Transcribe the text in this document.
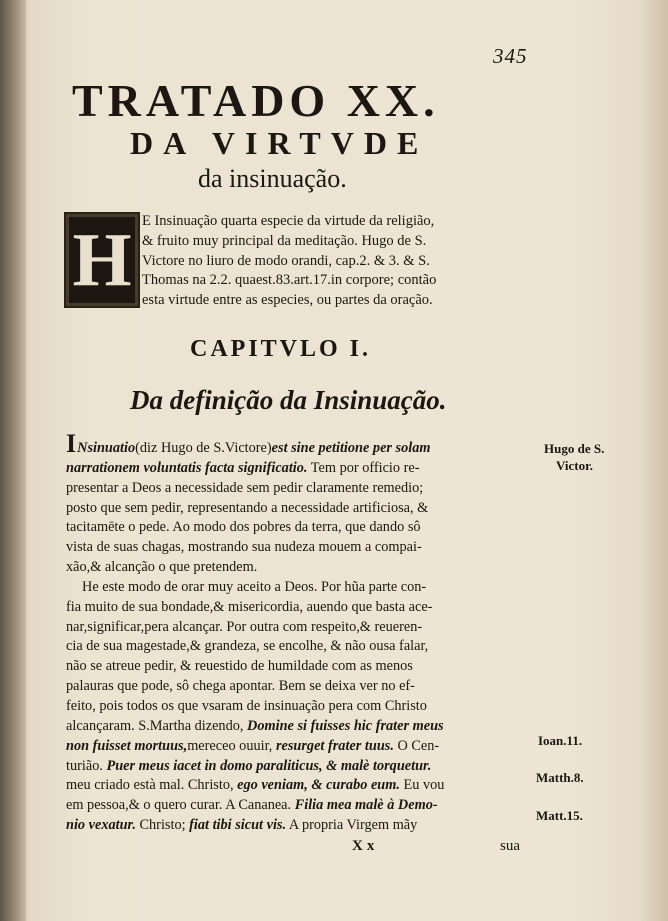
345
TRATADO XX.
DA VIRTVDE
da insinuação.
H E Insinuação quarta especie da virtude da religião,
& fruito muy principal da meditação. Hugo de S.
Victore no liuro de modo orandi, cap.2. & 3. & S.
Thomas na 2.2. quaest.83.art.17.in corpore; contão
esta virtude entre as especies, ou partes da oração.
CAPITVLO I.
Da definição da Insinuação.
INsinuatio(diz Hugo de S.Victore)est sine petitione per solam
narrationem voluntatis facta significatio. Tem por officio re-
presentar a Deos a necessidade sem pedir claramente remedio;
posto que sem pedir, representando a necessidade artificiosa, &
tacitamēte o pede. Ao modo dos pobres da terra, que dando sô
vista de suas chagas, mostrando sua nudeza mouem a compai-
xão,& alcanção o que pretendem.
He este modo de orar muy aceito a Deos. Por hũa parte con-
fia muito de sua bondade,& misericordia, auendo que basta ace-
nar,significar,pera alcançar. Por outra com respeito,& reueren-
cia de sua magestade,& grandeza, se encolhe, & não ousa falar,
não se atreue pedir, & reuestido de humildade com as menos
palauras que pode, sô chega apontar. Bem se deixa ver no ef-
feito, pois todos os que vsaram de insinuação pera com Christo
alcançaram. S.Martha dizendo, Domine si fuisses hic frater meus
non fuisset mortuus,mereceo ouuir, resurget frater tuus. O Cen-
turião. Puer meus iacet in domo paraliticus, & malè torquetur.
meu criado està mal. Christo, ego veniam, & curabo eum. Eu vou
em pessoa,& o quero curar. A Cananea. Filia mea malè à Demo-
nio vexatur. Christo; fiat tibi sicut vis. A propria Virgem mãy
Hugo de S.
Victor.
Ioan.11.
Matth.8.
Matt.15.
Xx	sua
